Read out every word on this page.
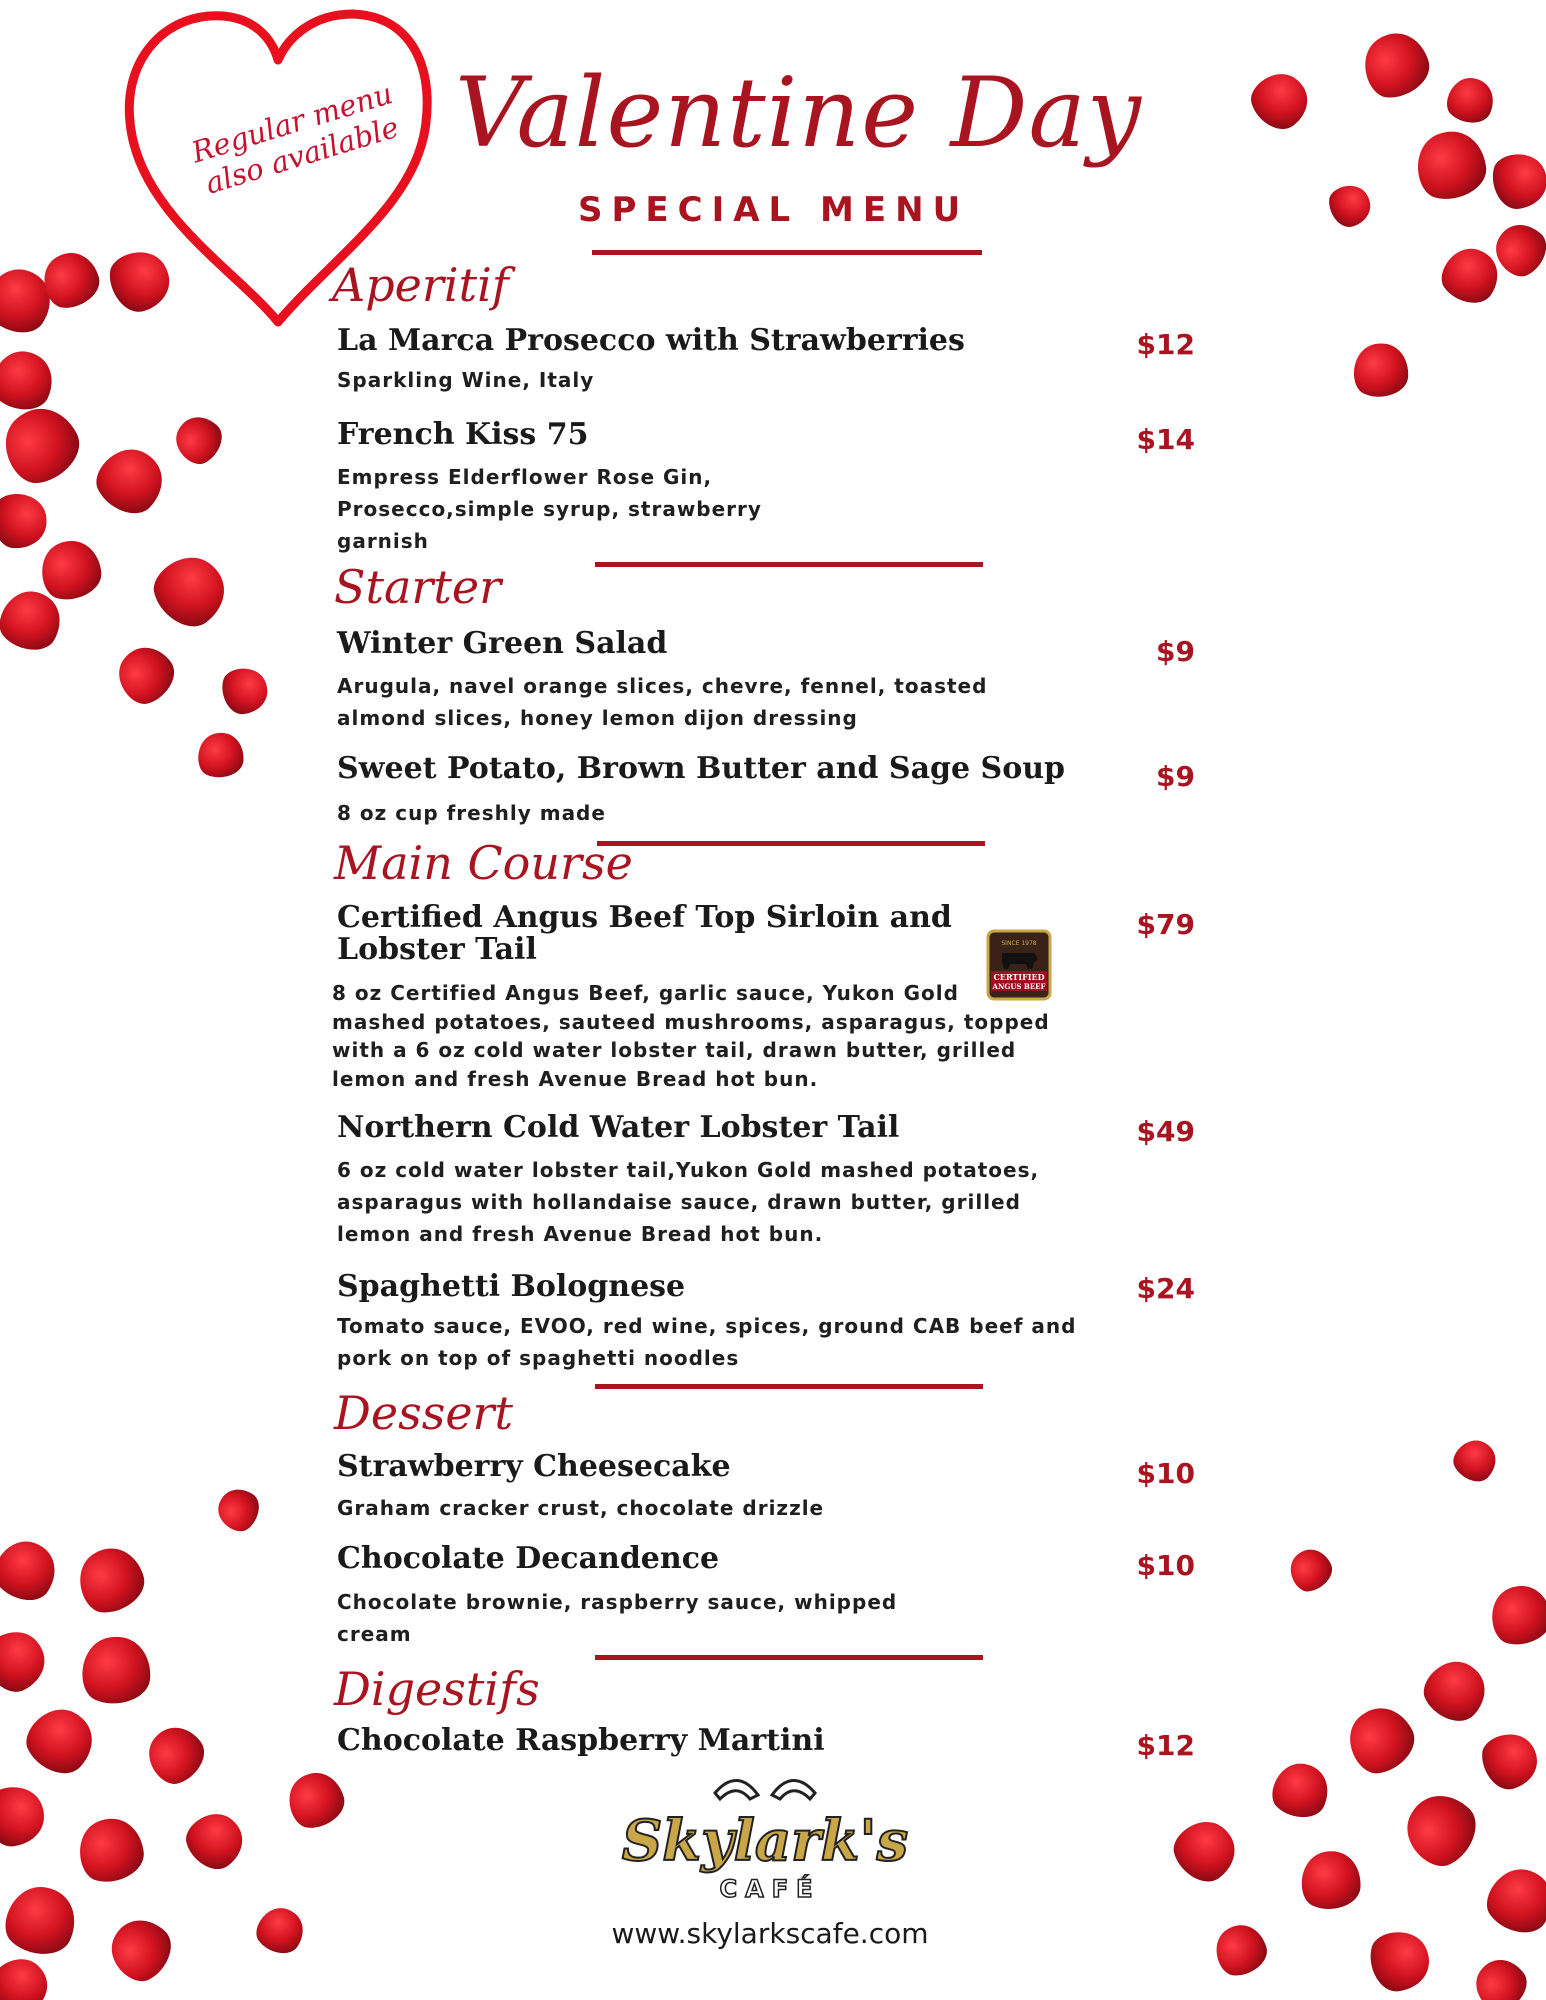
Regular menu also available Valentine Day
SPECIAL MENU
Aperitif
La Marca Prosecco with Strawberries	$12
Sparkling Wine, Italy
French Kiss 75	$14
Empress Elderflower Rose Gin,
Prosecco,simple syrup, strawberry
garnish
Starter
Winter Green Salad	$9
Arugula, navel orange slices, chevre, fennel, toasted
almond slices, honey lemon dijon dressing
Sweet Potato, Brown Butter and Sage Soup	$9
8 oz cup freshly made
Main Course
Certified Angus Beef Top Sirloin and
Lobster Tail
$79
SINCE 1978
CERTIFIED
ANGUS BEEF
8 oz Certified Angus Beef, garlic sauce, Yukon Gold
mashed potatoes, sauteed mushrooms, asparagus, topped
with a 6 oz cold water lobster tail, drawn butter, grilled
lemon and fresh Avenue Bread hot bun.
Northern Cold Water Lobster Tail	$49
6 oz cold water lobster tail,Yukon Gold mashed potatoes,
asparagus with hollandaise sauce, drawn butter, grilled
lemon and fresh Avenue Bread hot bun.
Spaghetti Bolognese	$24
Tomato sauce, EVOO, red wine, spices, ground CAB beef and
pork on top of spaghetti noodles
Dessert
Strawberry Cheesecake	$10
Graham cracker crust, chocolate drizzle
Chocolate Decandence	$10
Chocolate brownie, raspberry sauce, whipped
cream
Digestifs
Chocolate Raspberry Martini	$12
Skylark's
CAFÉ
www.skylarkscafe.com
